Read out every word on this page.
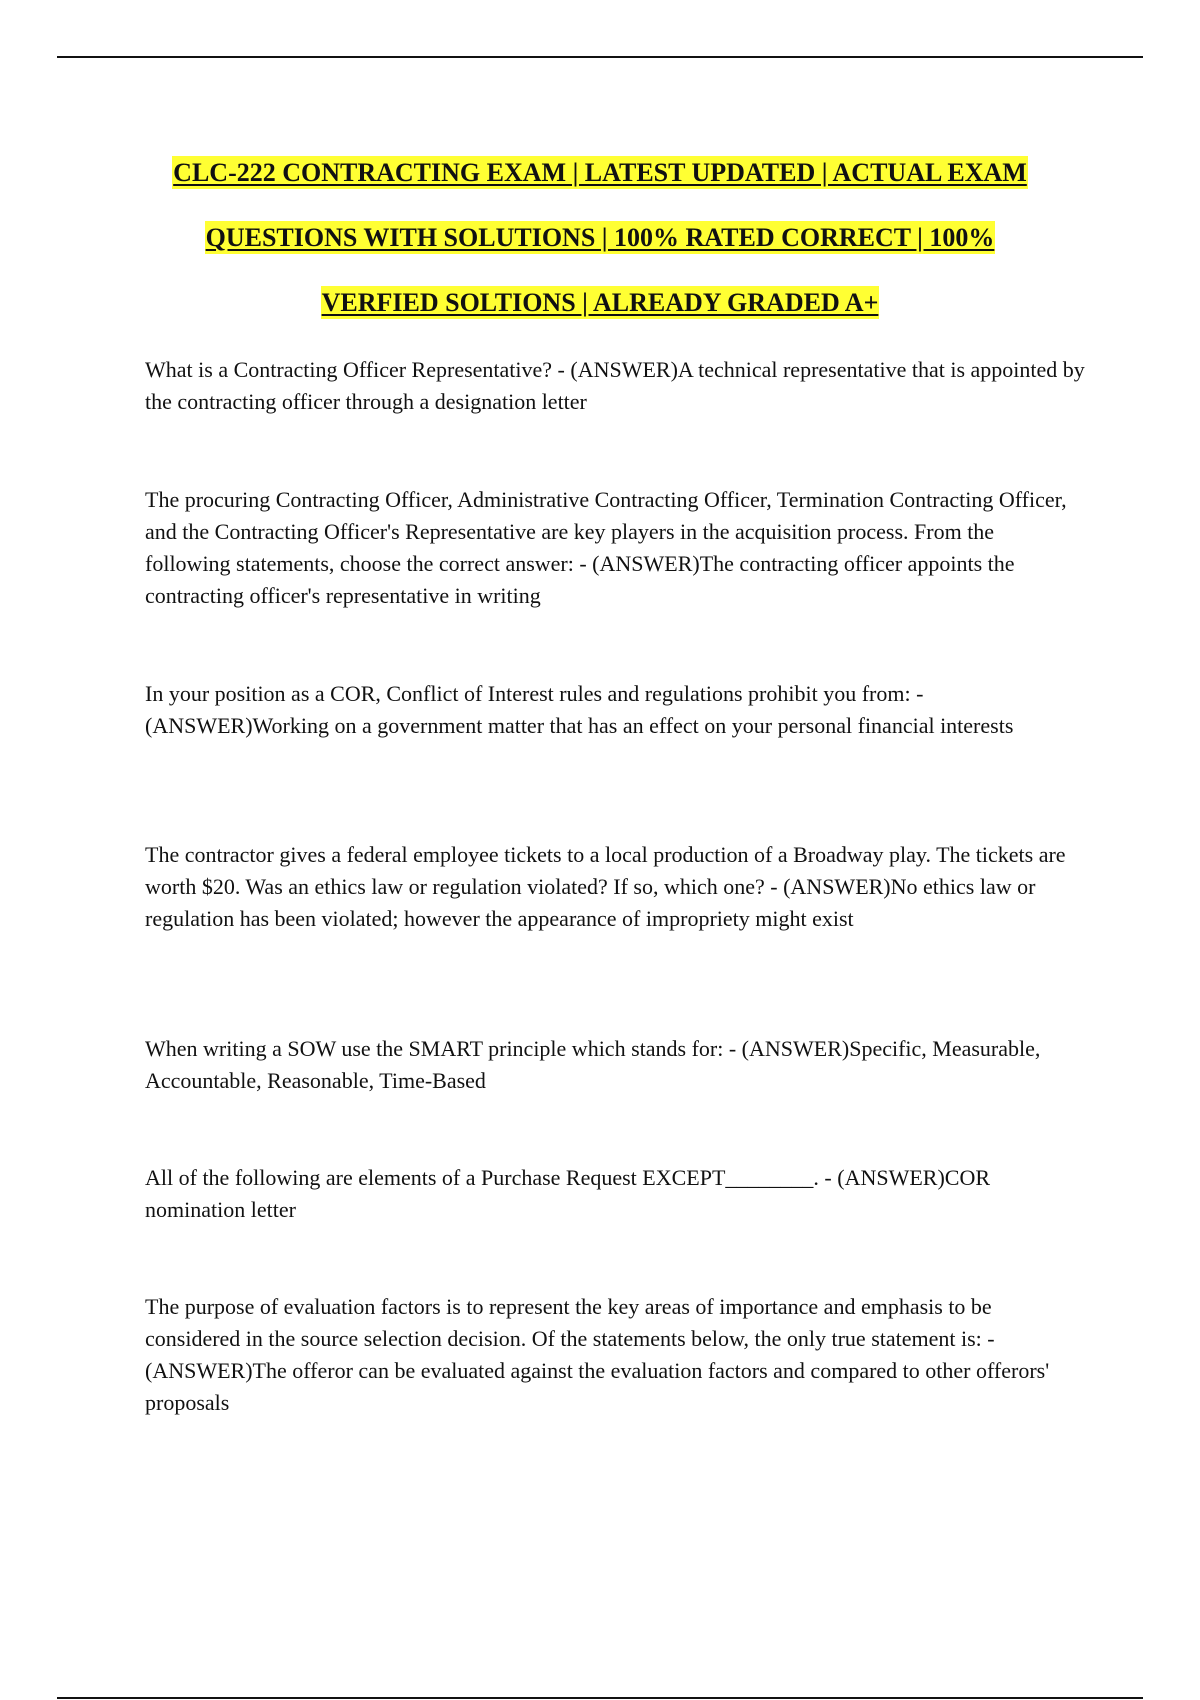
CLC-222 CONTRACTING EXAM | LATEST UPDATED | ACTUAL EXAM
QUESTIONS WITH SOLUTIONS | 100% RATED CORRECT | 100%
VERFIED SOLTIONS | ALREADY GRADED A+

What is a Contracting Officer Representative? - (ANSWER)A technical representative that is appointed by the contracting officer through a designation letter

The procuring Contracting Officer, Administrative Contracting Officer, Termination Contracting Officer, and the Contracting Officer's Representative are key players in the acquisition process. From the following statements, choose the correct answer: - (ANSWER)The contracting officer appoints the contracting officer's representative in writing

In your position as a COR, Conflict of Interest rules and regulations prohibit you from: - (ANSWER)Working on a government matter that has an effect on your personal financial interests

The contractor gives a federal employee tickets to a local production of a Broadway play. The tickets are worth $20. Was an ethics law or regulation violated? If so, which one? - (ANSWER)No ethics law or regulation has been violated; however the appearance of impropriety might exist

When writing a SOW use the SMART principle which stands for: - (ANSWER)Specific, Measurable, Accountable, Reasonable, Time-Based

All of the following are elements of a Purchase Request EXCEPT________. - (ANSWER)COR nomination letter

The purpose of evaluation factors is to represent the key areas of importance and emphasis to be considered in the source selection decision. Of the statements below, the only true statement is: - (ANSWER)The offeror can be evaluated against the evaluation factors and compared to other offerors' proposals
